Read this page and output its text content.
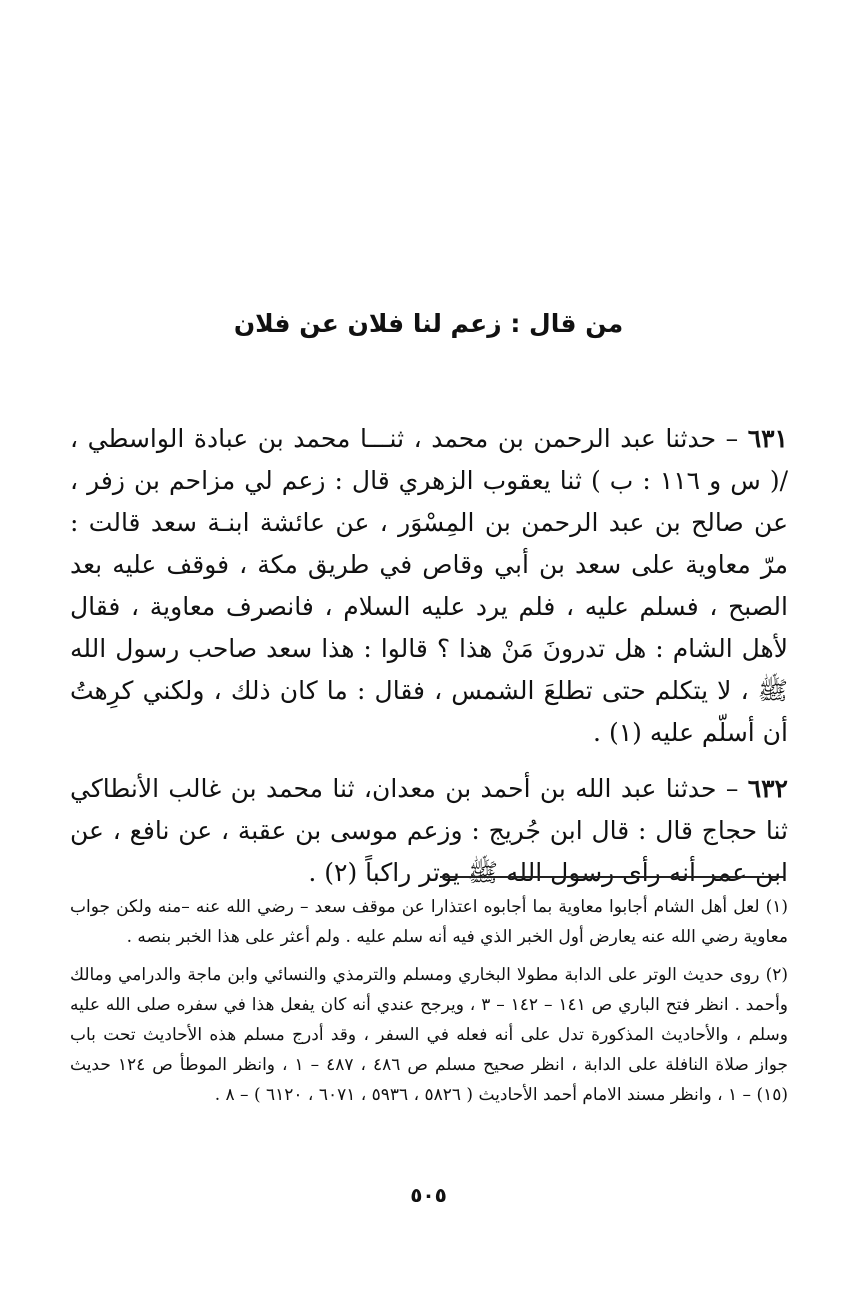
من قال : زعم لنا فلان عن فلان

٦٣١ – حدثنا عبد الرحمن بن محمد ، ثنـــا محمد بن عبادة الواسطي ، /( س و ١١٦ : ب ) ثنا يعقوب الزهري قال : زعم لي مزاحم بن زفر ، عن صالح بن عبد الرحمن بن المِسْوَر ، عن عائشة ابنـة سعد قالت : مرّ معاوية على سعد بن أبي وقاص في طريق مكة ، فوقف عليه بعد الصبح ، فسلم عليه ، فلم يرد عليه السلام ، فانصرف معاوية ، فقال لأهل الشام : هل تدرونَ مَنْ هذا ؟ قالوا : هذا سعد صاحب رسول الله ﷺ ، لا يتكلم حتى تطلعَ الشمس ، فقال : ما كان ذلك ، ولكني كرِهتُ أن أسلّم عليه (١) .

٦٣٢ – حدثنا عبد الله بن أحمد بن معدان، ثنا محمد بن غالب الأنطاكي ثنا حجاج قال : قال ابن جُريج : وزعم موسى بن عقبة ، عن نافع ، عن ابن عمر أنه رأى رسول الله ﷺ يوتر راكباً (٢) .

(١) لعل أهل الشام أجابوا معاوية بما أجابوه اعتذارا عن موقف سعد – رضي الله عنه –منه ولكن جواب معاوية رضي الله عنه يعارض أول الخبر الذي فيه أنه سلم عليه . ولم أعثر على هذا الخبر بنصه .

(٢) روى حديث الوتر على الدابة مطولا البخاري ومسلم والترمذي والنسائي وابن ماجة والدرامي ومالك وأحمد . انظر فتح الباري ص ١٤١ – ١٤٢ – ٣ ، ويرجح عندي أنه كان يفعل هذا في سفره صلى الله عليه وسلم ، والأحاديث المذكورة تدل على أنه فعله في السفر ، وقد أدرج مسلم هذه الأحاديث تحت باب جواز صلاة النافلة على الدابة ، انظر صحيح مسلم ص ٤٨٦ ، ٤٨٧ – ١ ، وانظر الموطأ ص ١٢٤ حديث (١٥) – ١ ، وانظر مسند الامام أحمد الأحاديث ( ٥٨٢٦ ، ٥٩٣٦ ، ٦٠٧١ ، ٦١٢٠ ) – ٨ .

٥٠٥
